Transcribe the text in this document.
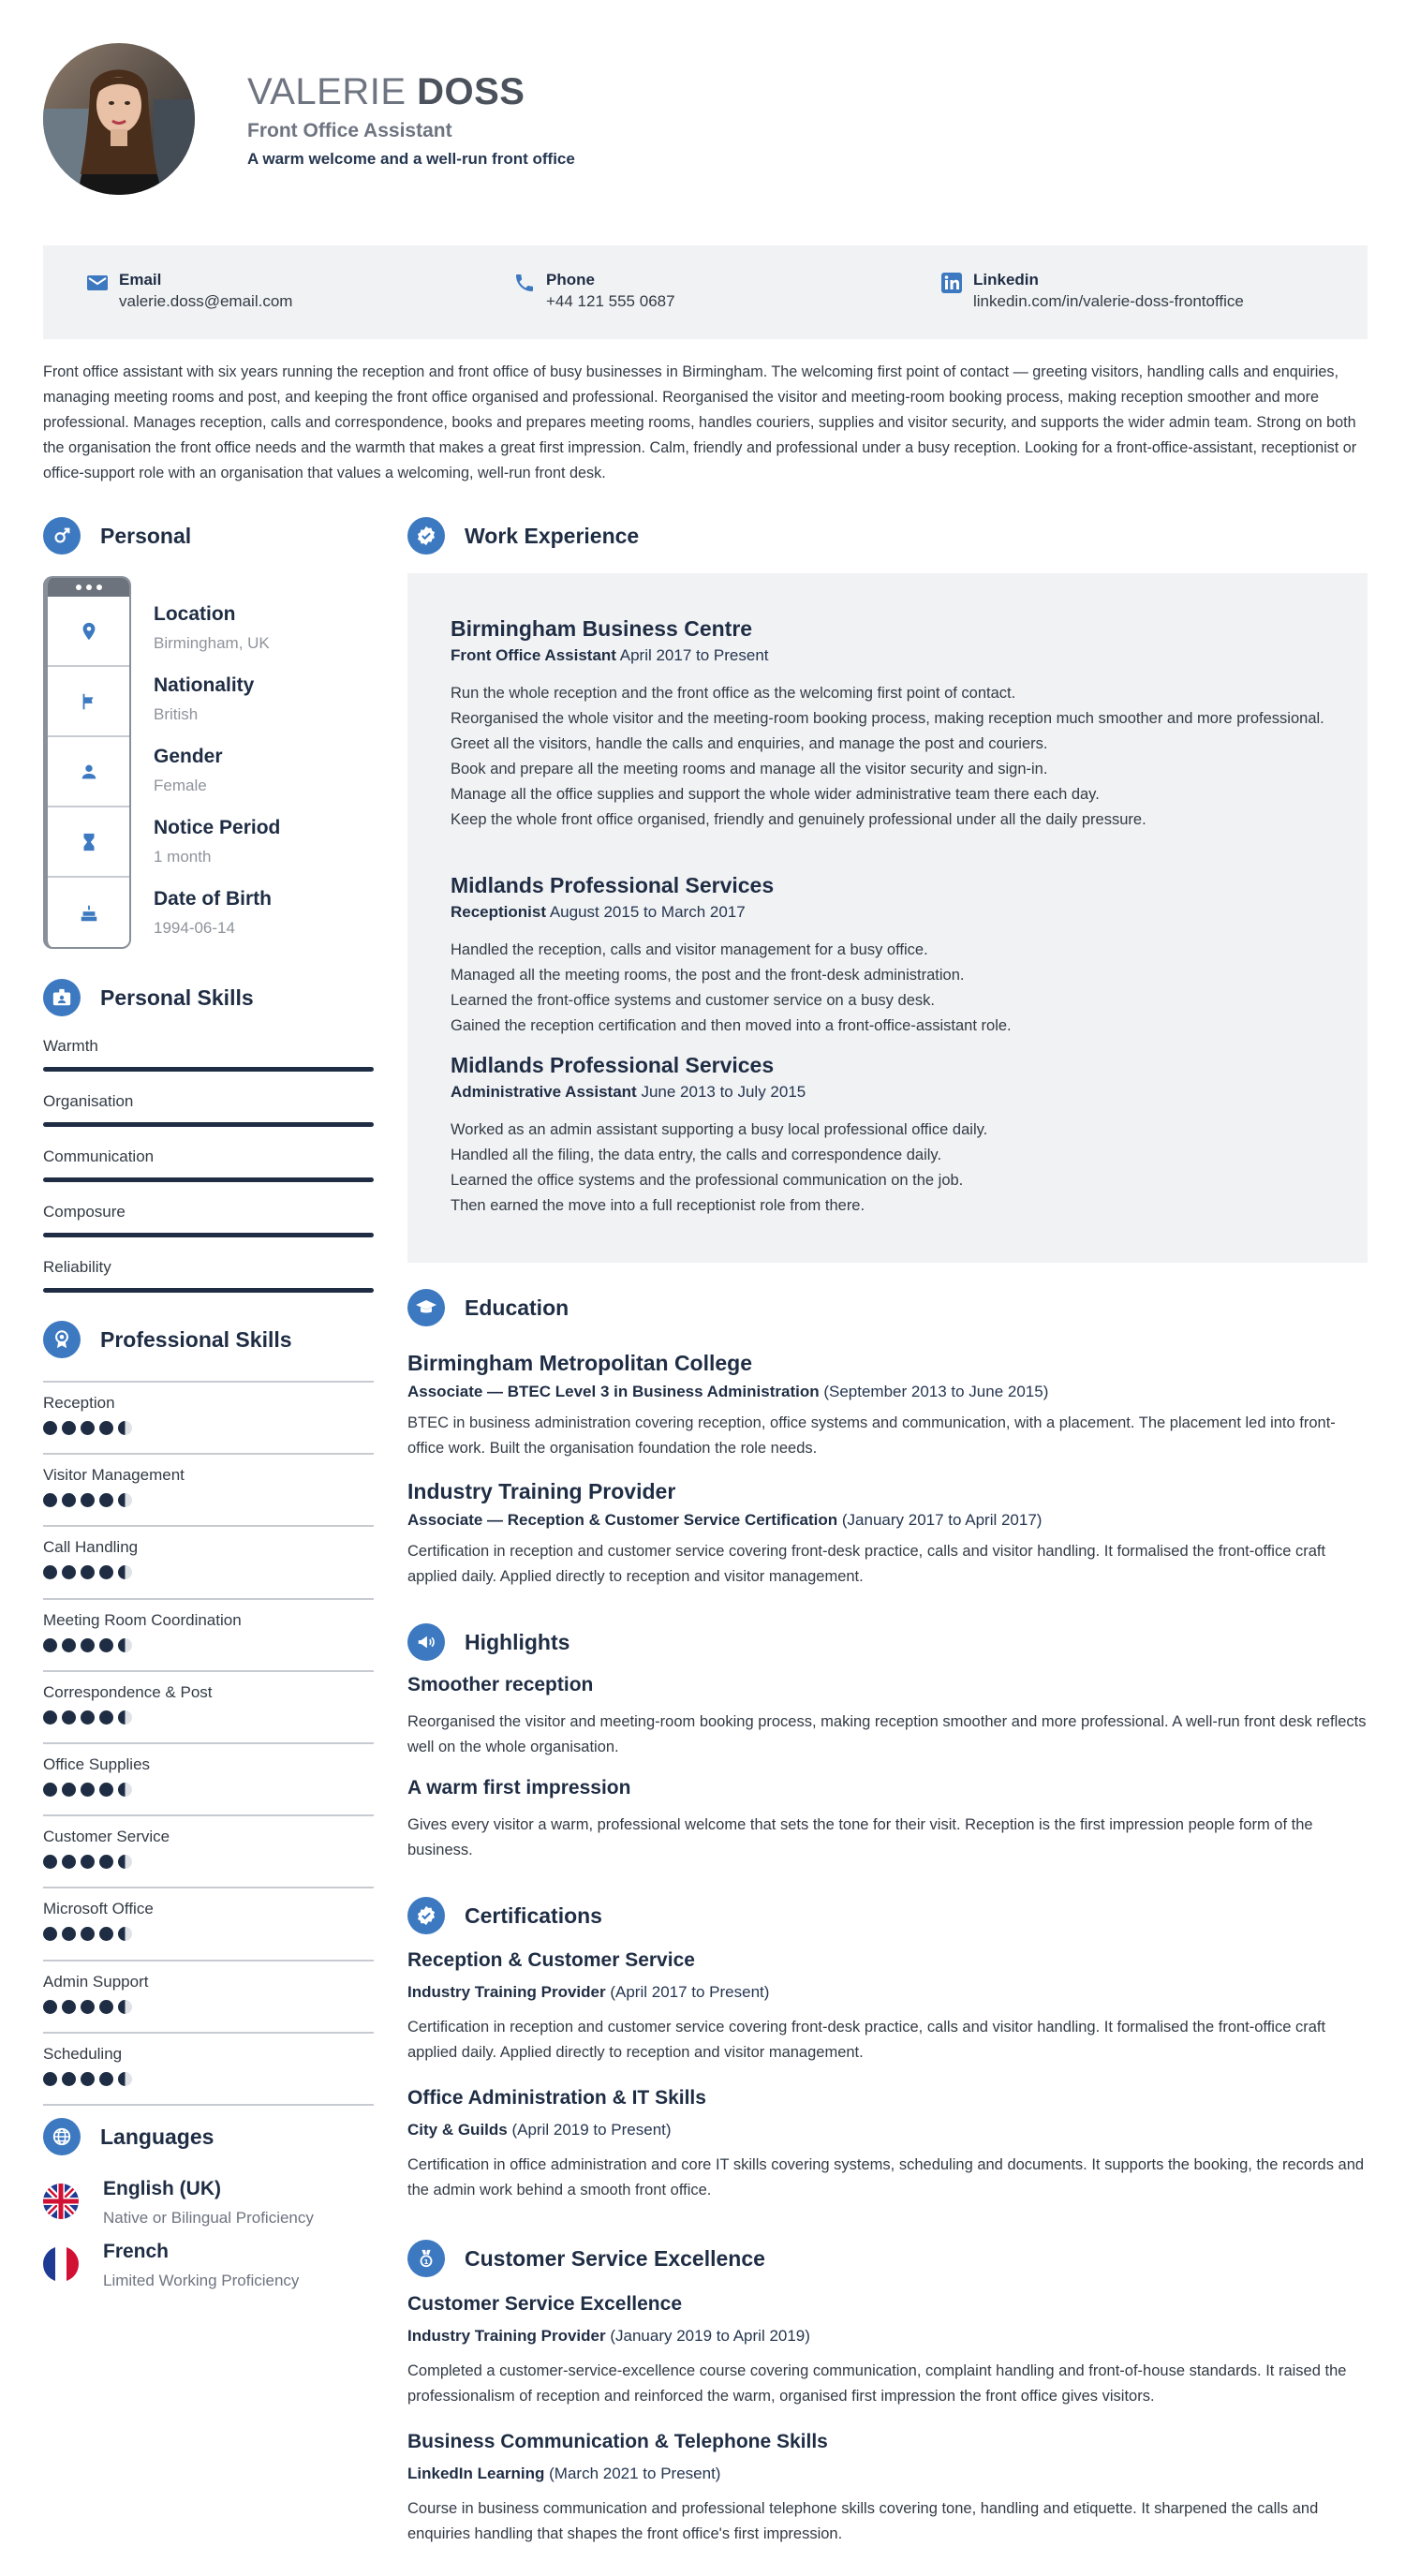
VALERIE DOSS
Front Office Assistant
A warm welcome and a well-run front office
Email
valerie.doss@email.com
Phone
+44 121 555 0687
Linkedin
linkedin.com/in/valerie-doss-frontoffice
Front office assistant with six years running the reception and front office of busy businesses in Birmingham. The welcoming first point of contact — greeting visitors, handling calls and enquiries, managing meeting rooms and post, and keeping the front office organised and professional. Reorganised the visitor and meeting-room booking process, making reception smoother and more professional. Manages reception, calls and correspondence, books and prepares meeting rooms, handles couriers, supplies and visitor security, and supports the wider admin team. Strong on both the organisation the front office needs and the warmth that makes a great first impression. Calm, friendly and professional under a busy reception. Looking for a front-office-assistant, receptionist or office-support role with an organisation that values a welcoming, well-run front desk.
Personal
Location
Birmingham, UK
Nationality
British
Gender
Female
Notice Period
1 month
Date of Birth
1994-06-14
Personal Skills
Warmth
Organisation
Communication
Composure
Reliability
Professional Skills
Reception
Visitor Management
Call Handling
Meeting Room Coordination
Correspondence & Post
Office Supplies
Customer Service
Microsoft Office
Admin Support
Scheduling
Languages
English (UK)
Native or Bilingual Proficiency
French
Limited Working Proficiency
Work Experience
Birmingham Business Centre
Front Office Assistant April 2017 to Present
Run the whole reception and the front office as the welcoming first point of contact.
Reorganised the whole visitor and the meeting-room booking process, making reception much smoother and more professional.
Greet all the visitors, handle the calls and enquiries, and manage the post and couriers.
Book and prepare all the meeting rooms and manage all the visitor security and sign-in.
Manage all the office supplies and support the whole wider administrative team there each day.
Keep the whole front office organised, friendly and genuinely professional under all the daily pressure.
Midlands Professional Services
Receptionist August 2015 to March 2017
Handled the reception, calls and visitor management for a busy office.
Managed all the meeting rooms, the post and the front-desk administration.
Learned the front-office systems and customer service on a busy desk.
Gained the reception certification and then moved into a front-office-assistant role.
Midlands Professional Services
Administrative Assistant June 2013 to July 2015
Worked as an admin assistant supporting a busy local professional office daily.
Handled all the filing, the data entry, the calls and correspondence daily.
Learned the office systems and the professional communication on the job.
Then earned the move into a full receptionist role from there.
Education
Birmingham Metropolitan College
Associate — BTEC Level 3 in Business Administration (September 2013 to June 2015)
BTEC in business administration covering reception, office systems and communication, with a placement. The placement led into front-office work. Built the organisation foundation the role needs.
Industry Training Provider
Associate — Reception & Customer Service Certification (January 2017 to April 2017)
Certification in reception and customer service covering front-desk practice, calls and visitor handling. It formalised the front-office craft applied daily. Applied directly to reception and visitor management.
Highlights
Smoother reception
Reorganised the visitor and meeting-room booking process, making reception smoother and more professional. A well-run front desk reflects well on the whole organisation.
A warm first impression
Gives every visitor a warm, professional welcome that sets the tone for their visit. Reception is the first impression people form of the business.
Certifications
Reception & Customer Service
Industry Training Provider (April 2017 to Present)
Certification in reception and customer service covering front-desk practice, calls and visitor handling. It formalised the front-office craft applied daily. Applied directly to reception and visitor management.
Office Administration & IT Skills
City & Guilds (April 2019 to Present)
Certification in office administration and core IT skills covering systems, scheduling and documents. It supports the booking, the records and the admin work behind a smooth front office.
1 Customer Service Excellence
Customer Service Excellence
Industry Training Provider (January 2019 to April 2019)
Completed a customer-service-excellence course covering communication, complaint handling and front-of-house standards. It raised the professionalism of reception and reinforced the warm, organised first impression the front office gives visitors.
Business Communication & Telephone Skills
LinkedIn Learning (March 2021 to Present)
Course in business communication and professional telephone skills covering tone, handling and etiquette. It sharpened the calls and enquiries handling that shapes the front office's first impression.
